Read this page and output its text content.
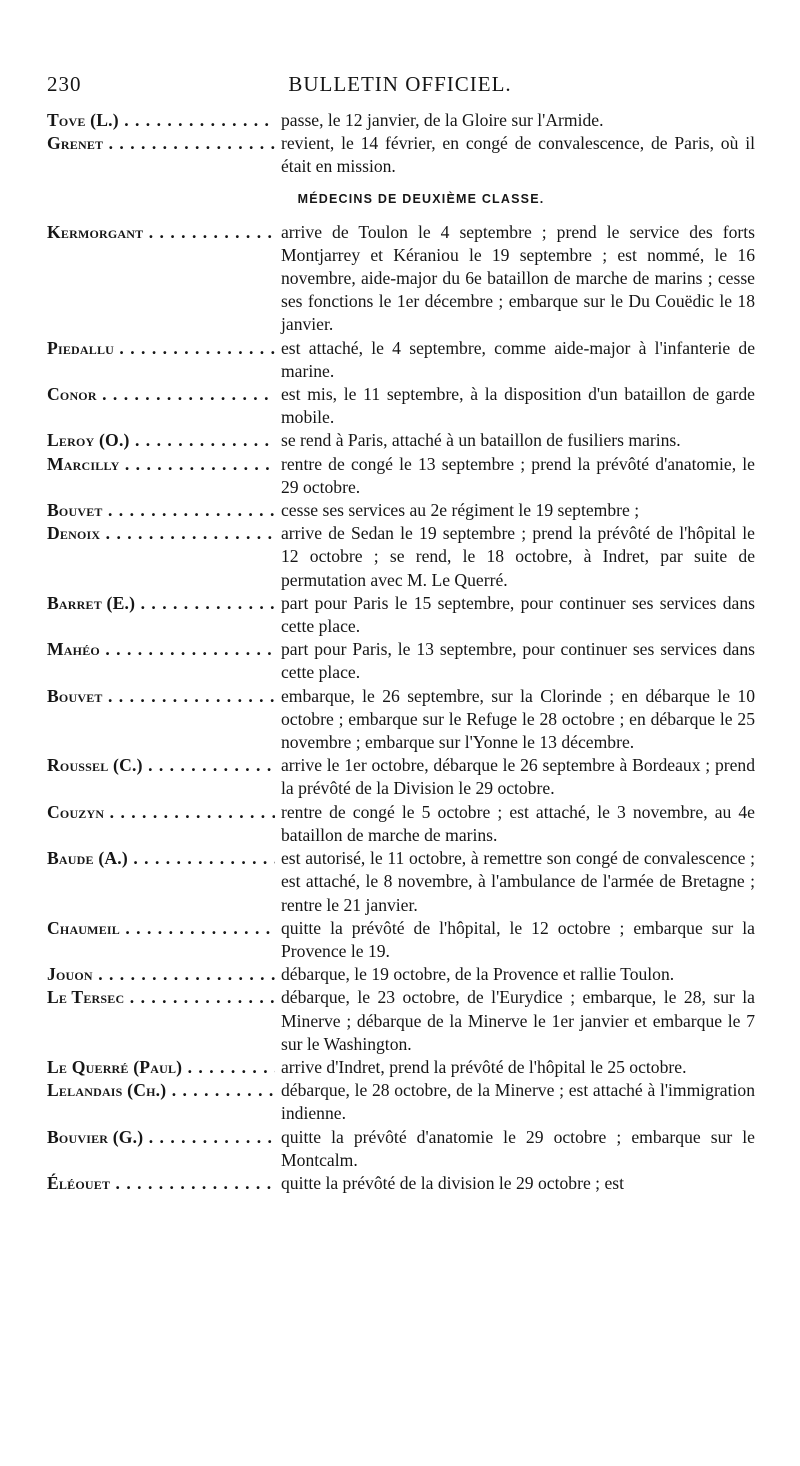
230	BULLETIN OFFICIEL.
Tove (L.) . . .	passe, le 12 janvier, de la Gloire sur l'Armide.
Grenet . . .	revient, le 14 février, en congé de convalescence, de Paris, où il était en mission.
MÉDECINS DE DEUXIÈME CLASSE.
Kermorgant . . .	arrive de Toulon le 4 septembre ; prend le service des forts Montjarrey et Kéraniou le 19 septembre ; est nommé, le 16 novembre, aide-major du 6e bataillon de marche de marins ; cesse ses fonctions le 1er décembre ; embarque sur le Du Couëdic le 18 janvier.
Piedallu . . .	est attaché, le 4 septembre, comme aide-major à l'infanterie de marine.
Conor . . .	est mis, le 11 septembre, à la disposition d'un bataillon de garde mobile.
Leroy (O.) . . .	se rend à Paris, attaché à un bataillon de fusiliers marins.
Marcilly . . .	rentre de congé le 13 septembre ; prend la prévôté d'anatomie, le 29 octobre.
Bouvet . . .	cesse ses services au 2e régiment le 19 septembre ;
Denoix . . .	arrive de Sedan le 19 septembre ; prend la prévôté de l'hôpital le 12 octobre ; se rend, le 18 octobre, à Indret, par suite de permutation avec M. Le Querré.
Barret (E.) . . .	part pour Paris le 15 septembre, pour continuer ses services dans cette place.
Mahéo . . .	part pour Paris, le 13 septembre, pour continuer ses services dans cette place.
Bouvet . . .	embarque, le 26 septembre, sur la Clorinde ; en débarque le 10 octobre ; embarque sur le Refuge le 28 octobre ; en débarque le 25 novembre ; embarque sur l'Yonne le 13 décembre.
Roussel (C.) . . .	arrive le 1er octobre, débarque le 26 septembre à Bordeaux ; prend la prévôté de la Division le 29 octobre.
Couzyn . . .	rentre de congé le 5 octobre ; est attaché, le 3 novembre, au 4e bataillon de marche de marins.
Baude (A.) . . .	est autorisé, le 11 octobre, à remettre son congé de convalescence ; est attaché, le 8 novembre, à l'ambulance de l'armée de Bretagne ; rentre le 21 janvier.
Chaumeil . . .	quitte la prévôté de l'hôpital, le 12 octobre ; embarque sur la Provence le 19.
Jouon . . .	débarque, le 19 octobre, de la Provence et rallie Toulon.
Le Tersec . . .	débarque, le 23 octobre, de l'Eurydice ; embarque, le 28, sur la Minerve ; débarque de la Minerve le 1er janvier et embarque le 7 sur le Washington.
Le Querré (Paul) . . .	arrive d'Indret, prend la prévôté de l'hôpital le 25 octobre.
Lelandais (Ch.) . . .	débarque, le 28 octobre, de la Minerve ; est attaché à l'immigration indienne.
Bouvier (G.) . . .	quitte la prévôté d'anatomie le 29 octobre ; embarque sur le Montcalm.
Éléouet . . .	quitte la prévôté de la division le 29 octobre ; est
